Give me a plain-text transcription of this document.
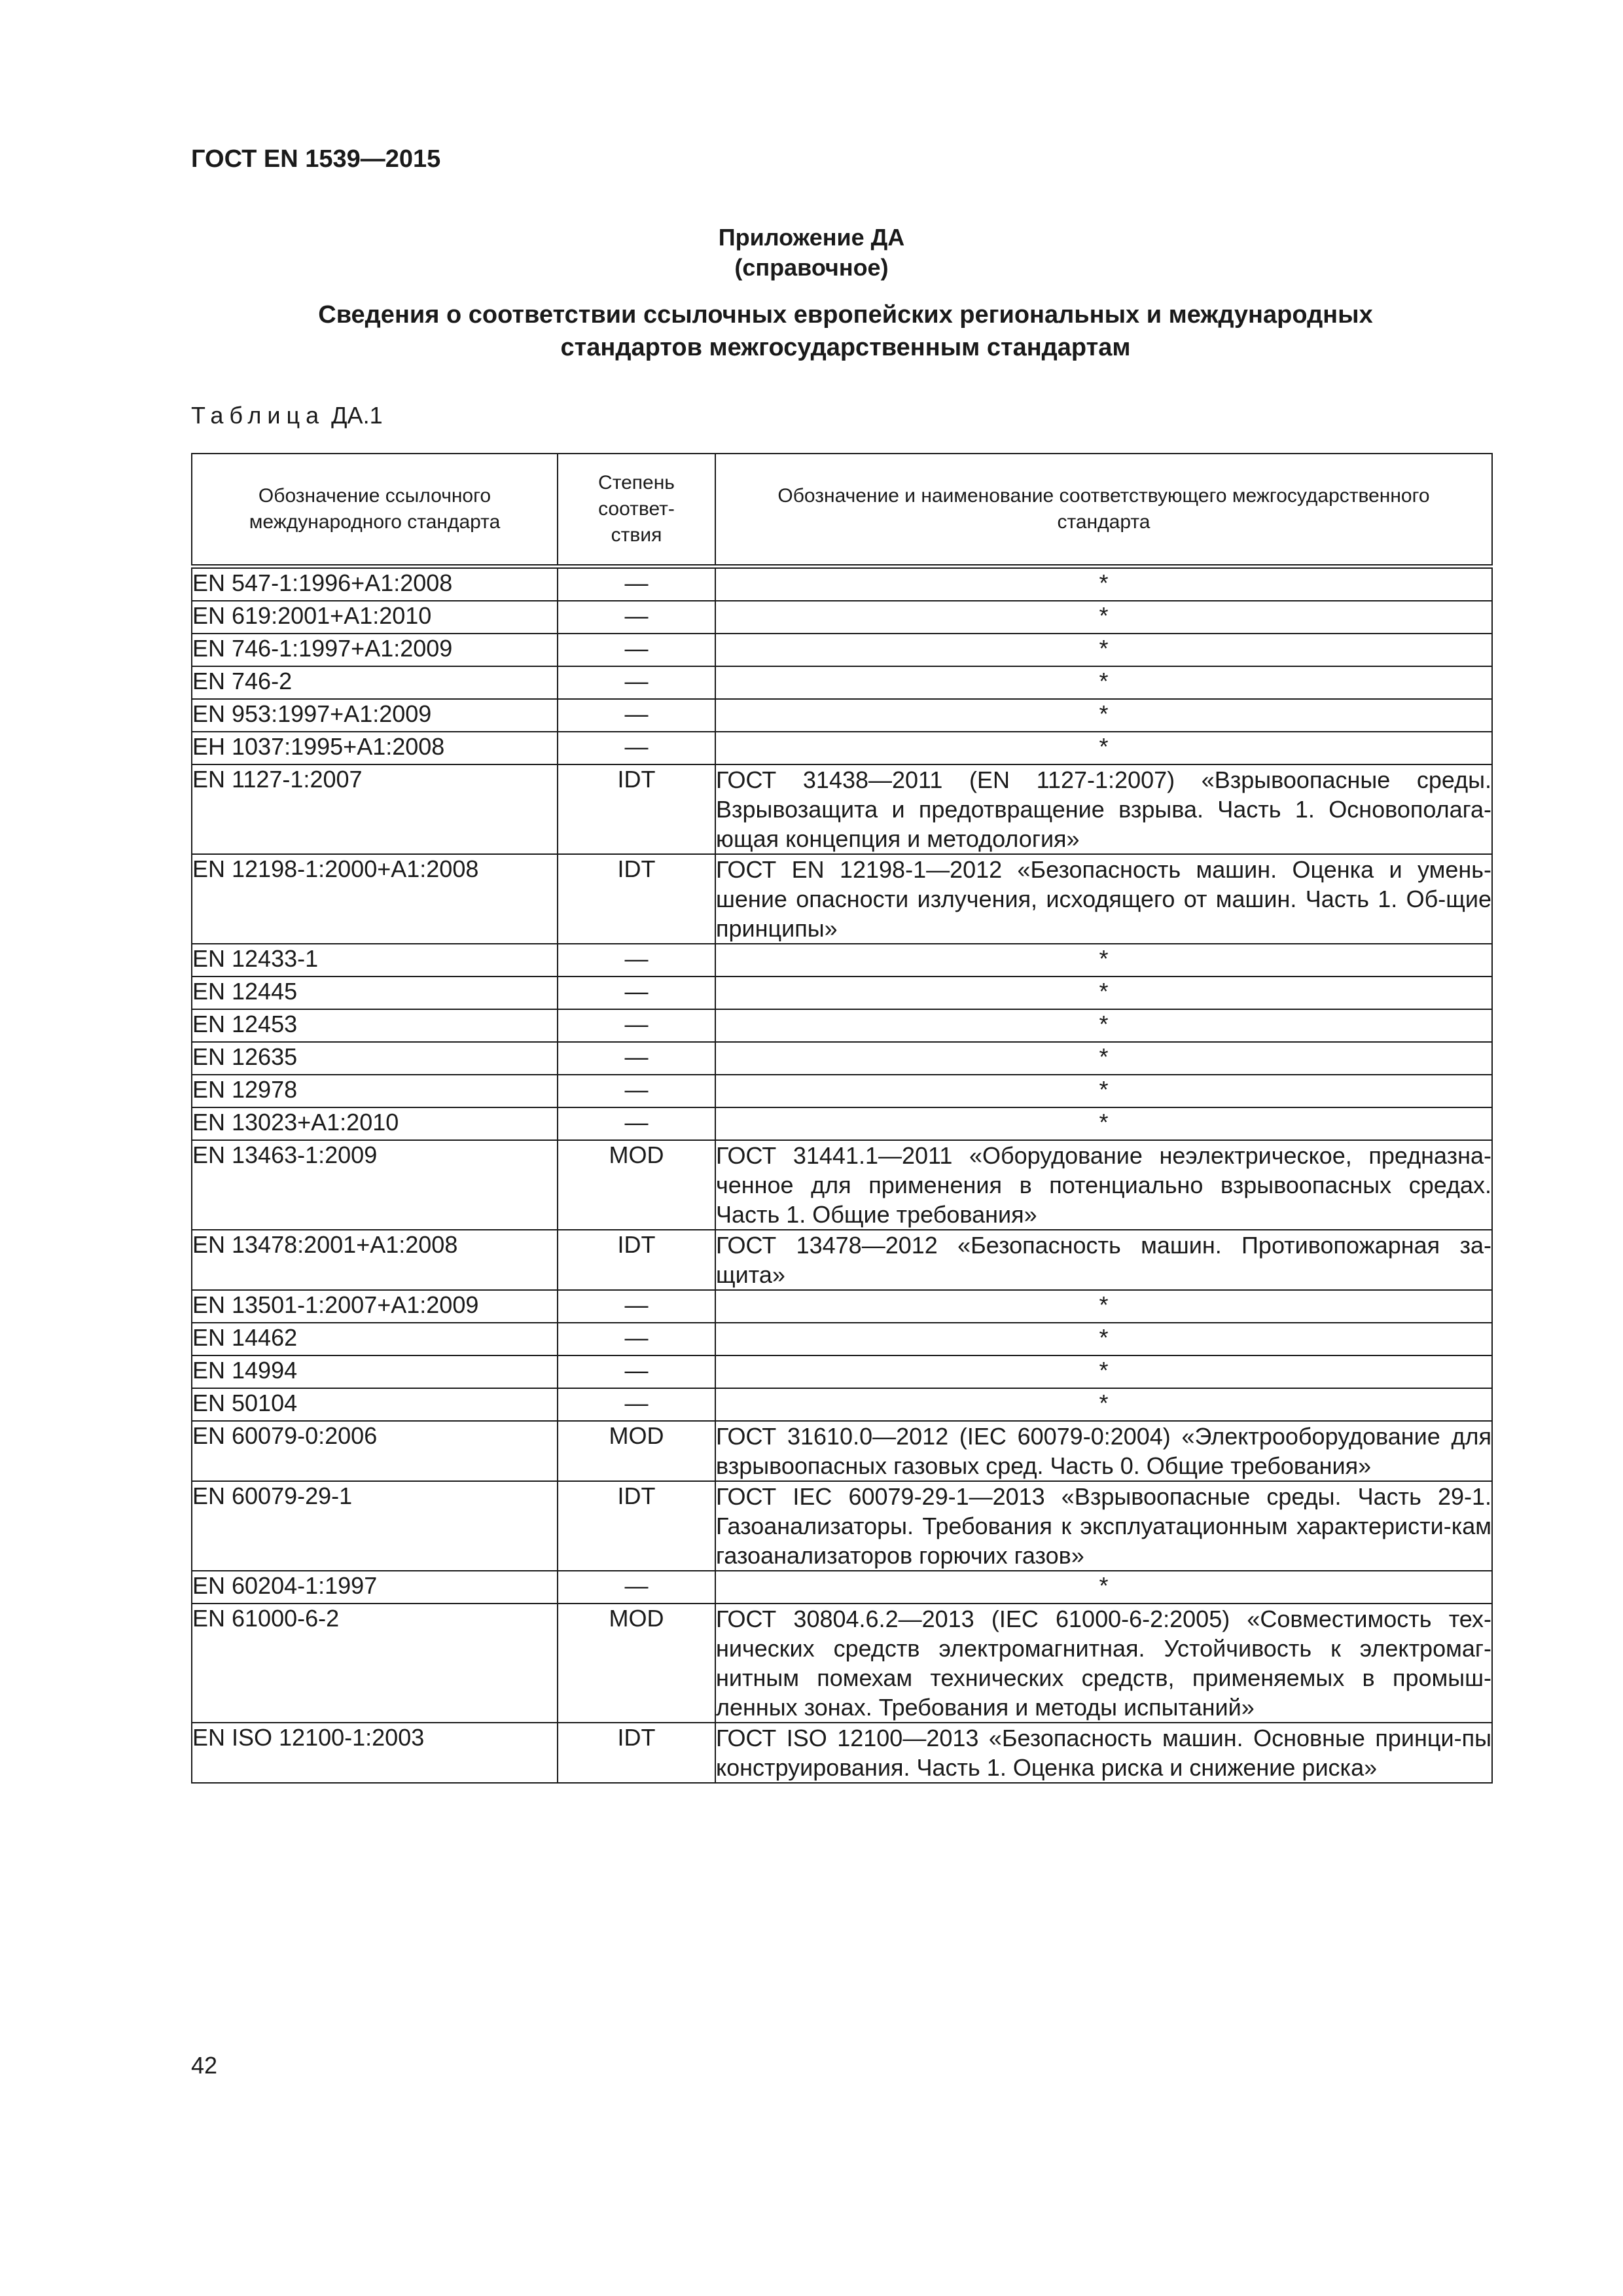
ГОСТ EN 1539—2015
Приложение ДА
(справочное)
Сведения о соответствии ссылочных европейских региональных и международных
стандартов межгосударственным стандартам
Таблица ДА.1
Обозначение ссылочного международного стандарта	Степень соответ-ствия	Обозначение и наименование соответствующего межгосударственного стандарта

EN 547-1:1996+A1:2008	—	*
EN 619:2001+A1:2010	—	*
EN 746-1:1997+A1:2009	—	*
EN 746-2	—	*
EN 953:1997+A1:2009	—	*
ЕН 1037:1995+A1:2008	—	*
EN 1127-1:2007	IDT	ГОСТ 31438—2011 (EN 1127-1:2007) «Взрывоопасные среды. Взрывозащита и предотвращение взрыва. Часть 1. Основополага-ющая концепция и методология»
EN 12198-1:2000+A1:2008	IDT	ГОСТ EN 12198-1—2012 «Безопасность машин. Оценка и умень-шение опасности излучения, исходящего от машин. Часть 1. Об-щие принципы»
EN 12433-1	—	*
EN 12445	—	*
EN 12453	—	*
EN 12635	—	*
EN 12978	—	*
EN 13023+A1:2010	—	*
EN 13463-1:2009	MOD	ГОСТ 31441.1—2011 «Оборудование неэлектрическое, предназна-ченное для применения в потенциально взрывоопасных средах. Часть 1. Общие требования»
EN 13478:2001+A1:2008	IDT	ГОСТ 13478—2012 «Безопасность машин. Противопожарная за-щита»
EN 13501-1:2007+A1:2009	—	*
EN 14462	—	*
EN 14994	—	*
EN 50104	—	*
EN 60079-0:2006	MOD	ГОСТ 31610.0—2012 (IEC 60079-0:2004) «Электрооборудование для взрывоопасных газовых сред. Часть 0. Общие требования»
EN 60079-29-1	IDT	ГОСТ IEC 60079-29-1—2013 «Взрывоопасные среды. Часть 29-1. Газоанализаторы. Требования к эксплуатационным характеристи-кам газоанализаторов горючих газов»
EN 60204-1:1997	—	*
EN 61000-6-2	MOD	ГОСТ 30804.6.2—2013 (IEC 61000-6-2:2005) «Совместимость тех-нических средств электромагнитная. Устойчивость к электромаг-нитным помехам технических средств, применяемых в промыш-ленных зонах. Требования и методы испытаний»
EN ISO 12100-1:2003	IDT	ГОСТ ISO 12100—2013 «Безопасность машин. Основные принци-пы конструирования. Часть 1. Оценка риска и снижение риска»
42
